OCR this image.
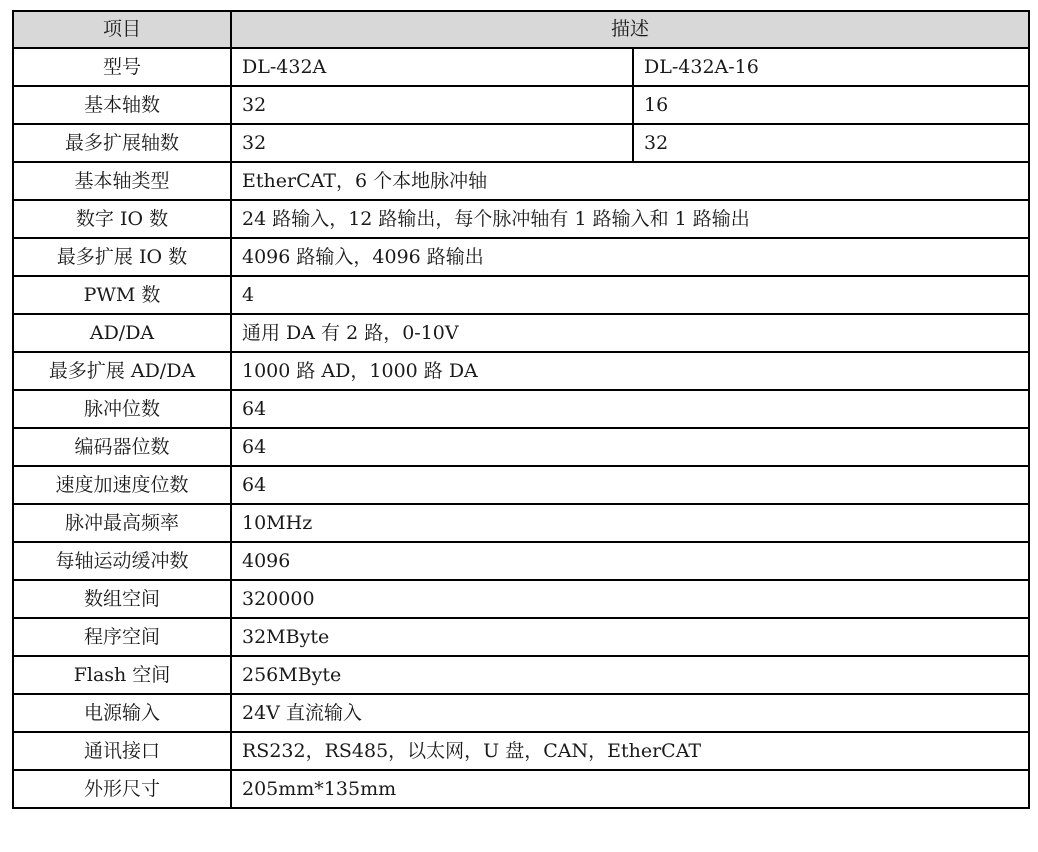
项目	描述	
型号	DL-432A	DL-432A-16
基本轴数	32	16
最多扩展轴数	32	32
基本轴类型	EtherCAT，6 个本地脉冲轴	
数字 IO 数	24 路输入，12 路输出，每个脉冲轴有 1 路输入和 1 路输出	
最多扩展 IO 数	4096 路输入，4096 路输出	
PWM 数	4	
AD/DA	通用 DA 有 2 路，0-10V	
最多扩展 AD/DA	1000 路 AD，1000 路 DA	
脉冲位数	64	
编码器位数	64	
速度加速度位数	64	
脉冲最高频率	10MHz	
每轴运动缓冲数	4096	
数组空间	320000	
程序空间	32MByte	
Flash 空间	256MByte	
电源输入	24V 直流输入	
通讯接口	RS232，RS485，以太网，U 盘，CAN，EtherCAT	
外形尺寸	205mm*135mm	
